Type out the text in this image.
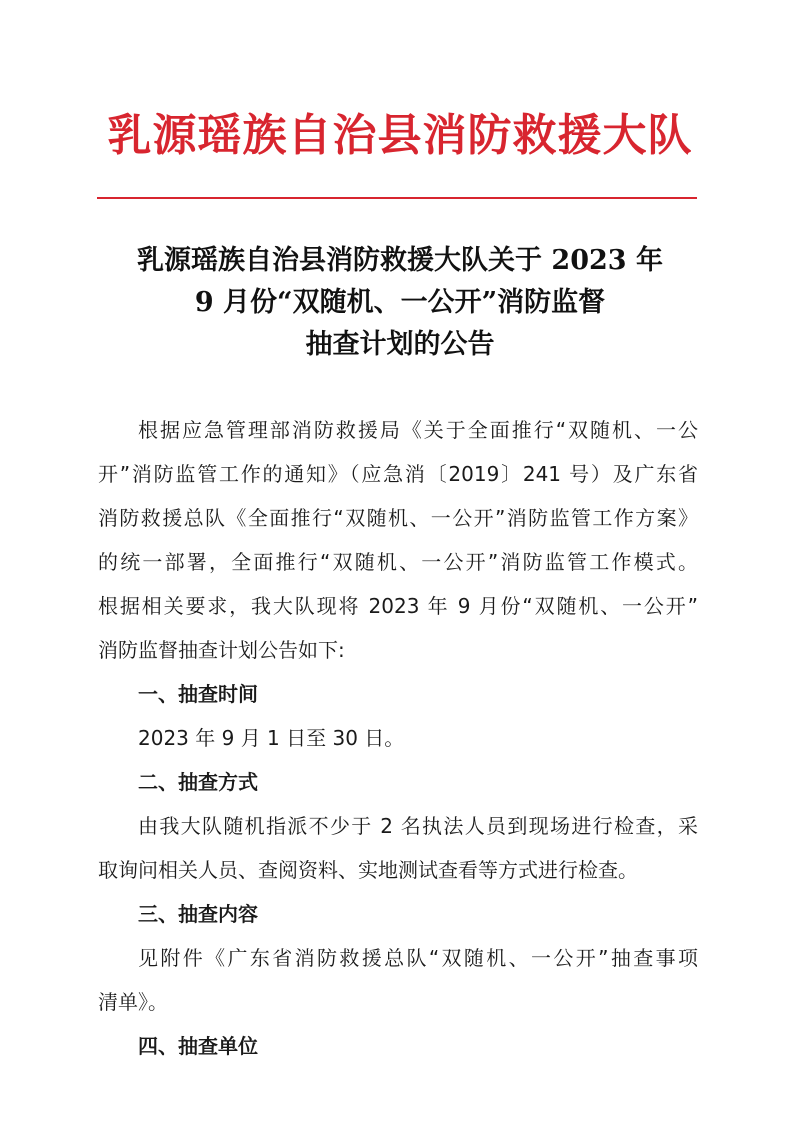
乳源瑶族自治县消防救援大队
乳源瑶族自治县消防救援大队关于 2023 年
9 月份“双随机、一公开”消防监督
抽查计划的公告
根据应急管理部消防救援局《关于全面推行“双随机、一公
开”消防监管工作的通知》（应急消〔2019〕241 号）及广东省
消防救援总队《全面推行“双随机、一公开”消防监管工作方案》
的统一部署，全面推行“双随机、一公开”消防监管工作模式。
根据相关要求，我大队现将 2023 年 9 月份“双随机、一公开”
消防监督抽查计划公告如下:
一、抽查时间
2023 年 9 月 1 日至 30 日。
二、抽查方式
由我大队随机指派不少于 2 名执法人员到现场进行检查，采
取询问相关人员、查阅资料、实地测试查看等方式进行检查。
三、抽查内容
见附件《广东省消防救援总队“双随机、一公开”抽查事项
清单》。
四、抽查单位
